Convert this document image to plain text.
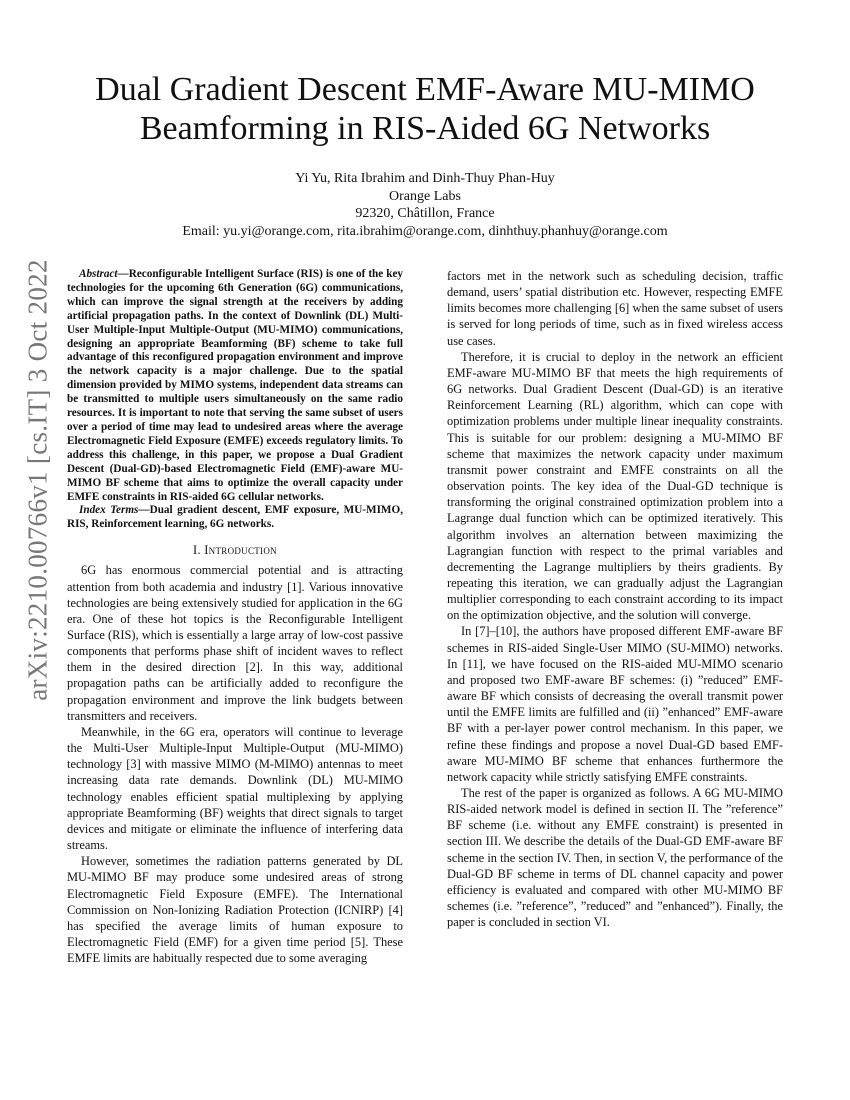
arXiv:2210.00766v1 [cs.IT] 3 Oct 2022
Dual Gradient Descent EMF-Aware MU-MIMO
Beamforming in RIS-Aided 6G Networks
Yi Yu, Rita Ibrahim and Dinh-Thuy Phan-Huy
Orange Labs
92320, Châtillon, France
Email: yu.yi@orange.com, rita.ibrahim@orange.com, dinhthuy.phanhuy@orange.com

Abstract—Reconfigurable Intelligent Surface (RIS) is one of the key technologies for the upcoming 6th Generation (6G) communications, which can improve the signal strength at the receivers by adding artificial propagation paths. In the context of Downlink (DL) Multi-User Multiple-Input Multiple-Output (MU-MIMO) communications, designing an appropriate Beamforming (BF) scheme to take full advantage of this reconfigured propagation environment and improve the network capacity is a major challenge. Due to the spatial dimension provided by MIMO systems, independent data streams can be transmitted to multiple users simultaneously on the same radio resources. It is important to note that serving the same subset of users over a period of time may lead to undesired areas where the average Electromagnetic Field Exposure (EMFE) exceeds regulatory limits. To address this challenge, in this paper, we propose a Dual Gradient Descent (Dual-GD)-based Electromagnetic Field (EMF)-aware MU-MIMO BF scheme that aims to optimize the overall capacity under EMFE constraints in RIS-aided 6G cellular networks.

Index Terms—Dual gradient descent, EMF exposure, MU-MIMO, RIS, Reinforcement learning, 6G networks.

I. Introduction

6G has enormous commercial potential and is attracting attention from both academia and industry [1]. Various innovative technologies are being extensively studied for application in the 6G era. One of these hot topics is the Reconfigurable Intelligent Surface (RIS), which is essentially a large array of low-cost passive components that performs phase shift of incident waves to reflect them in the desired direction [2]. In this way, additional propagation paths can be artificially added to reconfigure the propagation environment and improve the link budgets between transmitters and receivers.

Meanwhile, in the 6G era, operators will continue to leverage the Multi-User Multiple-Input Multiple-Output (MU-MIMO) technology [3] with massive MIMO (M-MIMO) antennas to meet increasing data rate demands. Downlink (DL) MU-MIMO technology enables efficient spatial multiplexing by applying appropriate Beamforming (BF) weights that direct signals to target devices and mitigate or eliminate the influence of interfering data streams.

However, sometimes the radiation patterns generated by DL MU-MIMO BF may produce some undesired areas of strong Electromagnetic Field Exposure (EMFE). The International Commission on Non-Ionizing Radiation Protection (ICNIRP) [4] has specified the average limits of human exposure to Electromagnetic Field (EMF) for a given time period [5]. These EMFE limits are habitually respected due to some averaging

factors met in the network such as scheduling decision, traffic demand, users’ spatial distribution etc. However, respecting EMFE limits becomes more challenging [6] when the same subset of users is served for long periods of time, such as in fixed wireless access use cases.

Therefore, it is crucial to deploy in the network an efficient EMF-aware MU-MIMO BF that meets the high requirements of 6G networks. Dual Gradient Descent (Dual-GD) is an iterative Reinforcement Learning (RL) algorithm, which can cope with optimization problems under multiple linear inequality constraints. This is suitable for our problem: designing a MU-MIMO BF scheme that maximizes the network capacity under maximum transmit power constraint and EMFE constraints on all the observation points. The key idea of the Dual-GD technique is transforming the original constrained optimization problem into a Lagrange dual function which can be optimized iteratively. This algorithm involves an alternation between maximizing the Lagrangian function with respect to the primal variables and decrementing the Lagrange multipliers by theirs gradients. By repeating this iteration, we can gradually adjust the Lagrangian multiplier corresponding to each constraint according to its impact on the optimization objective, and the solution will converge.

In [7]–[10], the authors have proposed different EMF-aware BF schemes in RIS-aided Single-User MIMO (SU-MIMO) networks. In [11], we have focused on the RIS-aided MU-MIMO scenario and proposed two EMF-aware BF schemes: (i) ”reduced” EMF-aware BF which consists of decreasing the overall transmit power until the EMFE limits are fulfilled and (ii) ”enhanced” EMF-aware BF with a per-layer power control mechanism. In this paper, we refine these findings and propose a novel Dual-GD based EMF-aware MU-MIMO BF scheme that enhances furthermore the network capacity while strictly satisfying EMFE constraints.

The rest of the paper is organized as follows. A 6G MU-MIMO RIS-aided network model is defined in section II. The ”reference” BF scheme (i.e. without any EMFE constraint) is presented in section III. We describe the details of the Dual-GD EMF-aware BF scheme in the section IV. Then, in section V, the performance of the Dual-GD BF scheme in terms of DL channel capacity and power efficiency is evaluated and compared with other MU-MIMO BF schemes (i.e. ”reference”, ”reduced” and ”enhanced”). Finally, the paper is concluded in section VI.
